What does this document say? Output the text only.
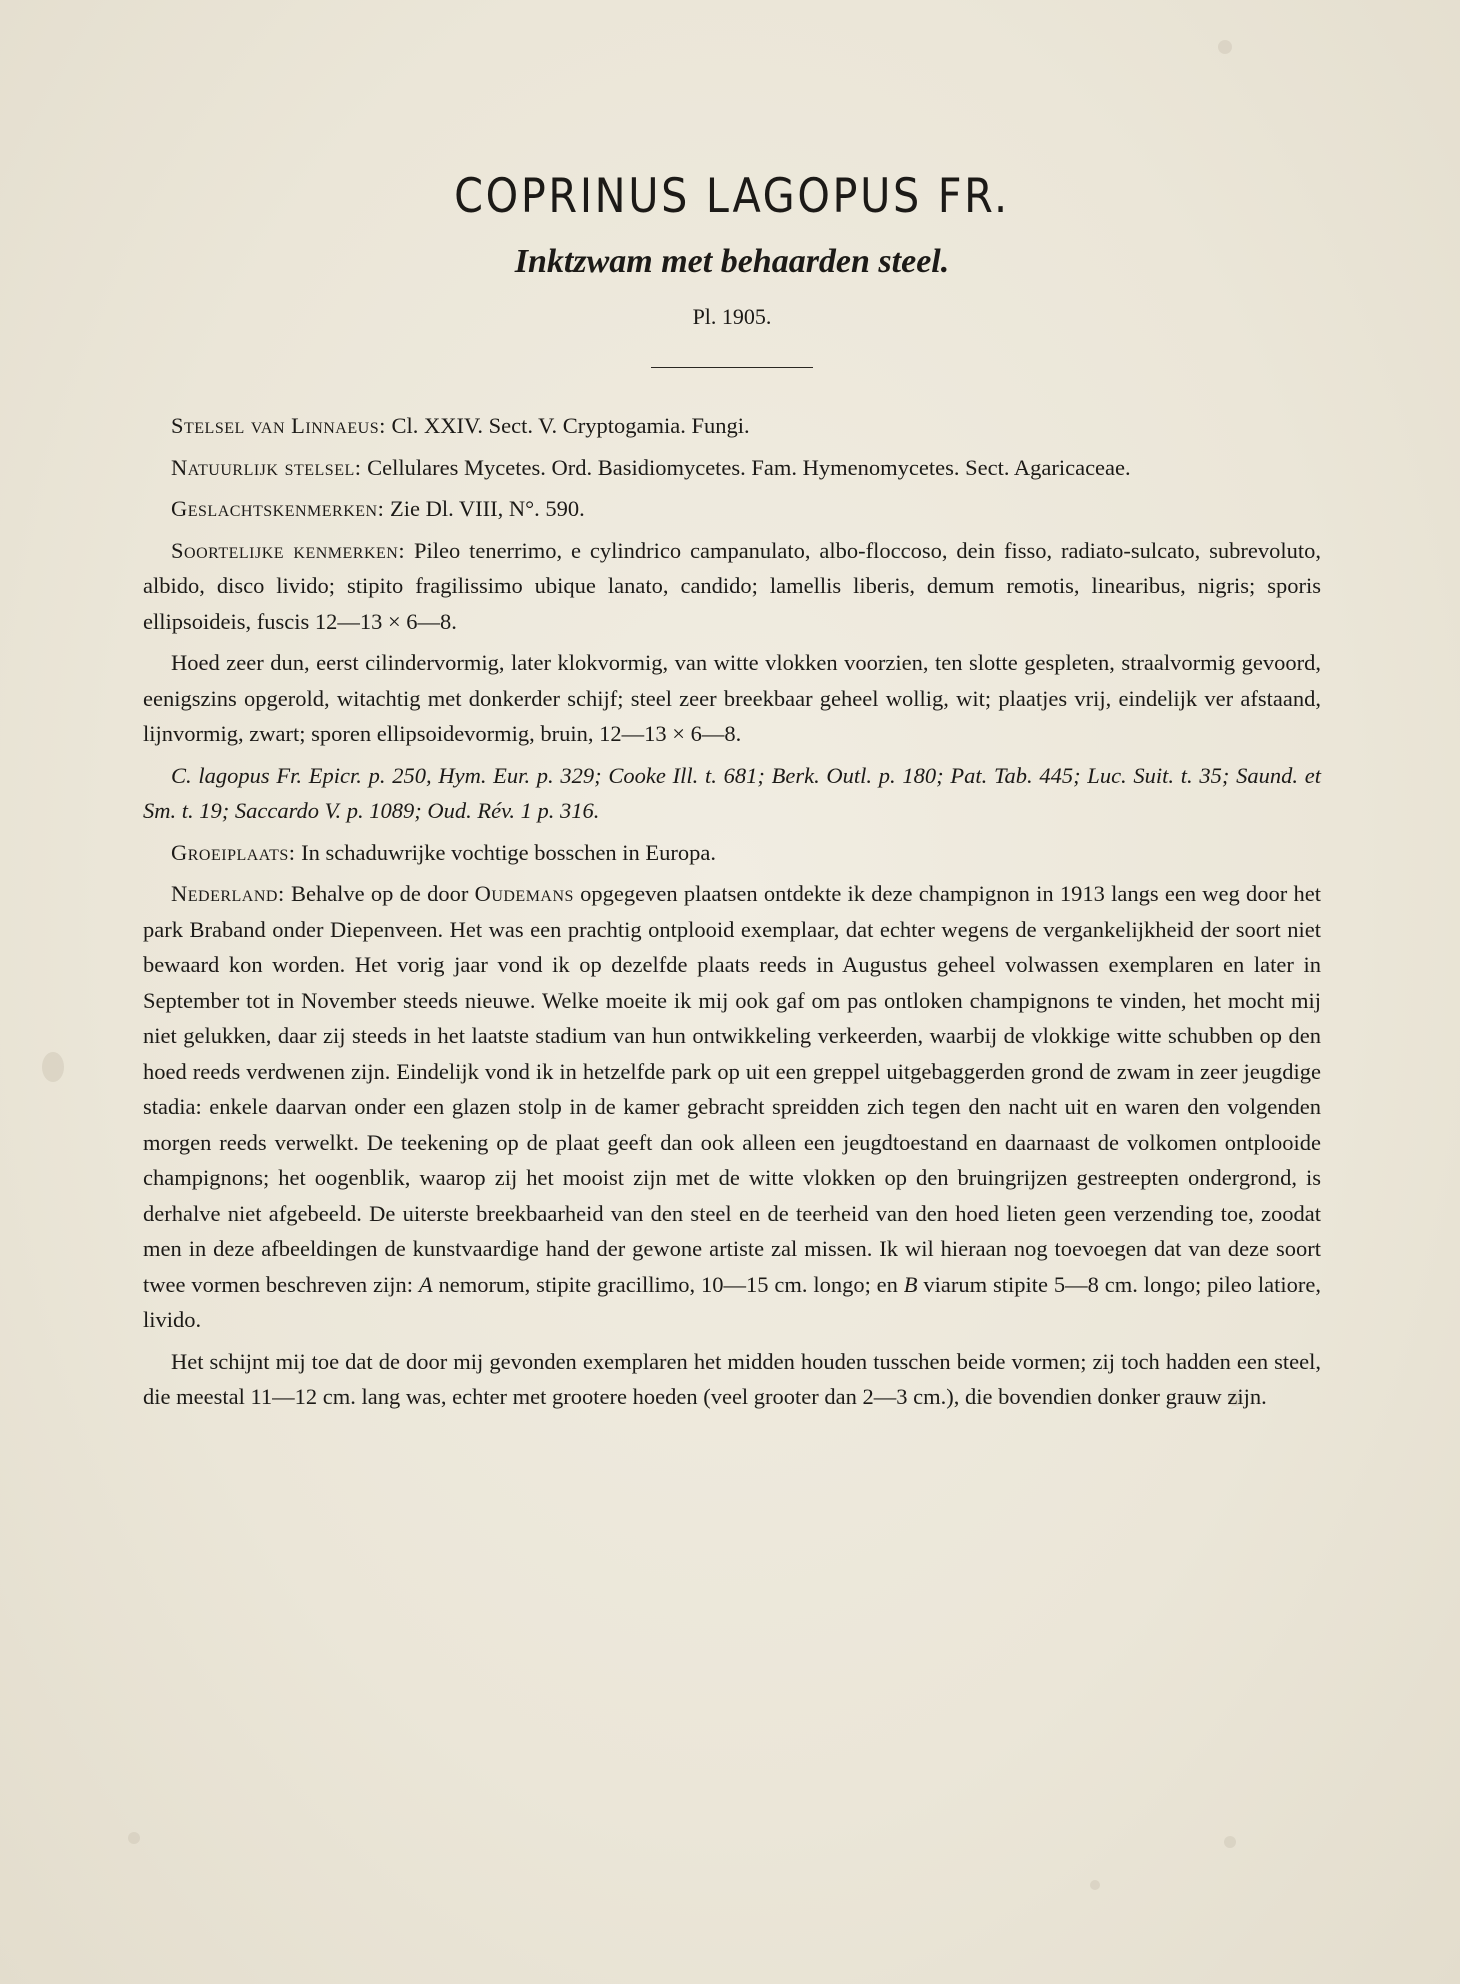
COPRINUS LAGOPUS FR.
Inktzwam met behaarden steel.
Pl. 1905.

Stelsel van Linnaeus: Cl. XXIV. Sect. V. Cryptogamia. Fungi.

Natuurlijk stelsel: Cellulares Mycetes. Ord. Basidiomycetes. Fam. Hymenomycetes. Sect. Agaricaceae.

Geslachtskenmerken: Zie Dl. VIII, N°. 590.

Soortelijke kenmerken: Pileo tenerrimo, e cylindrico campanulato, albo-floccoso, dein fisso, radiato-sulcato, subrevoluto, albido, disco livido; stipito fragilissimo ubique lanato, candido; lamellis liberis, demum remotis, linearibus, nigris; sporis ellipsoideis, fuscis 12—13 × 6—8.

Hoed zeer dun, eerst cilindervormig, later klokvormig, van witte vlokken voorzien, ten slotte gespleten, straalvormig gevoord, eenigszins opgerold, witachtig met donkerder schijf; steel zeer breekbaar geheel wollig, wit; plaatjes vrij, eindelijk ver afstaand, lijnvormig, zwart; sporen ellipsoidevormig, bruin, 12—13 × 6—8.

C. lagopus Fr. Epicr. p. 250, Hym. Eur. p. 329; Cooke Ill. t. 681; Berk. Outl. p. 180; Pat. Tab. 445; Luc. Suit. t. 35; Saund. et Sm. t. 19; Saccardo V. p. 1089; Oud. Rév. 1 p. 316.

Groeiplaats: In schaduwrijke vochtige bosschen in Europa.

Nederland: Behalve op de door Oudemans opgegeven plaatsen ontdekte ik deze champignon in 1913 langs een weg door het park Braband onder Diepenveen. Het was een prachtig ontplooid exemplaar, dat echter wegens de vergankelijkheid der soort niet bewaard kon worden. Het vorig jaar vond ik op dezelfde plaats reeds in Augustus geheel volwassen exemplaren en later in September tot in November steeds nieuwe. Welke moeite ik mij ook gaf om pas ontloken champignons te vinden, het mocht mij niet gelukken, daar zij steeds in het laatste stadium van hun ontwikkeling verkeerden, waarbij de vlokkige witte schubben op den hoed reeds verdwenen zijn. Eindelijk vond ik in hetzelfde park op uit een greppel uitgebaggerden grond de zwam in zeer jeugdige stadia: enkele daarvan onder een glazen stolp in de kamer gebracht spreidden zich tegen den nacht uit en waren den volgenden morgen reeds verwelkt. De teekening op de plaat geeft dan ook alleen een jeugdtoestand en daarnaast de volkomen ontplooide champignons; het oogenblik, waarop zij het mooist zijn met de witte vlokken op den bruingrijzen gestreepten ondergrond, is derhalve niet afgebeeld. De uiterste breekbaarheid van den steel en de teerheid van den hoed lieten geen verzending toe, zoodat men in deze afbeeldingen de kunstvaardige hand der gewone artiste zal missen. Ik wil hieraan nog toevoegen dat van deze soort twee vormen beschreven zijn: A nemorum, stipite gracillimo, 10—15 cm. longo; en B viarum stipite 5—8 cm. longo; pileo latiore, livido.

Het schijnt mij toe dat de door mij gevonden exemplaren het midden houden tusschen beide vormen; zij toch hadden een steel, die meestal 11—12 cm. lang was, echter met grootere hoeden (veel grooter dan 2—3 cm.), die bovendien donker grauw zijn.
